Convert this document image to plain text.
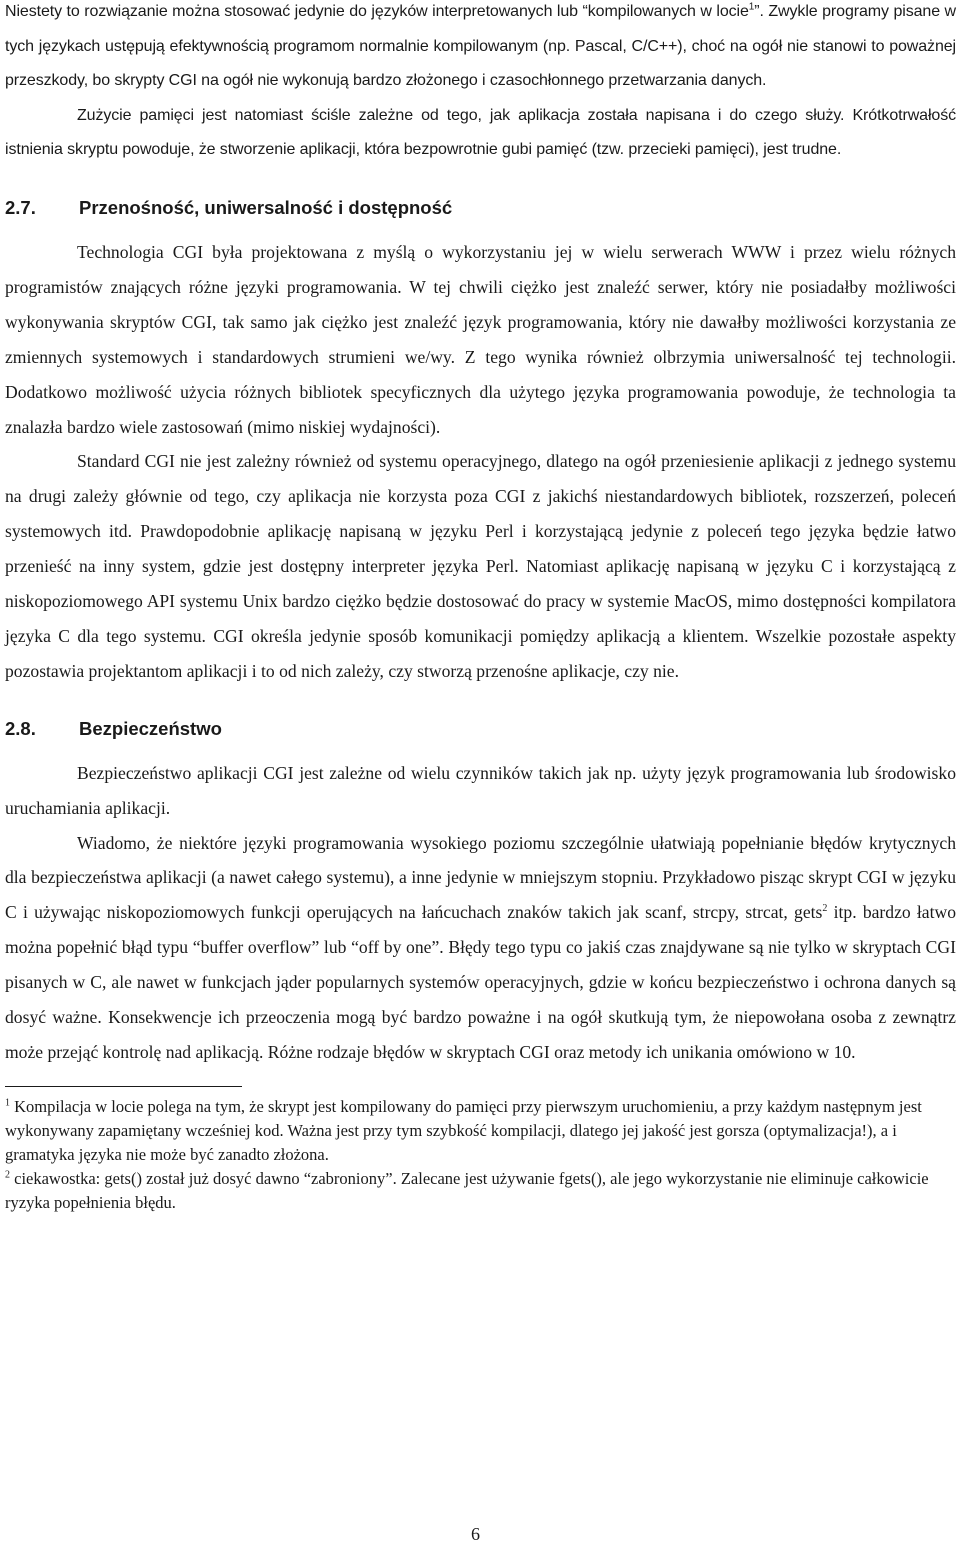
Niestety to rozwiązanie można stosować jedynie do języków interpretowanych lub “kompilowanych w locie$^1$”. Zwykle programy pisane w tych językach ustępują efektywnością programom normalnie kompilowanym (np. Pascal, C/C++), choć na ogół nie stanowi to poważnej przeszkody, bo skrypty CGI na ogół nie wykonują bardzo złożonego i czasochłonnego przetwarzania danych.

Zużycie pamięci jest natomiast ściśle zależne od tego, jak aplikacja została napisana i do czego służy. Krótkotrwałość istnienia skryptu powoduje, że stworzenie aplikacji, która bezpowrotnie gubi pamięć (tzw. przecieki pamięci), jest trudne.

2.7.	Przenośność, uniwersalność i dostępność

Technologia CGI była projektowana z myślą o wykorzystaniu jej w wielu serwerach WWW i przez wielu różnych programistów znających różne języki programowania. W tej chwili ciężko jest znaleźć serwer, który nie posiadałby możliwości wykonywania skryptów CGI, tak samo jak ciężko jest znaleźć język programowania, który nie dawałby możliwości korzystania ze zmiennych systemowych i standardowych strumieni we/wy. Z tego wynika również olbrzymia uniwersalność tej technologii. Dodatkowo możliwość użycia różnych bibliotek specyficznych dla użytego języka programowania powoduje, że technologia ta znalazła bardzo wiele zastosowań (mimo niskiej wydajności).

Standard CGI nie jest zależny również od systemu operacyjnego, dlatego na ogół przeniesienie aplikacji z jednego systemu na drugi zależy głównie od tego, czy aplikacja nie korzysta poza CGI z jakichś niestandardowych bibliotek, rozszerzeń, poleceń systemowych itd. Prawdopodobnie aplikację napisaną w języku Perl i korzystającą jedynie z poleceń tego języka będzie łatwo przenieść na inny system, gdzie jest dostępny interpreter języka Perl. Natomiast aplikację napisaną w języku C i korzystającą z niskopoziomowego API systemu Unix bardzo ciężko będzie dostosować do pracy w systemie MacOS, mimo dostępności kompilatora języka C dla tego systemu. CGI określa jedynie sposób komunikacji pomiędzy aplikacją a klientem. Wszelkie pozostałe aspekty pozostawia projektantom aplikacji i to od nich zależy, czy stworzą przenośne aplikacje, czy nie.

2.8.	Bezpieczeństwo

Bezpieczeństwo aplikacji CGI jest zależne od wielu czynników takich jak np. użyty język programowania lub środowisko uruchamiania aplikacji.

Wiadomo, że niektóre języki programowania wysokiego poziomu szczególnie ułatwiają popełnianie błędów krytycznych dla bezpieczeństwa aplikacji (a nawet całego systemu), a inne jedynie w mniejszym stopniu. Przykładowo pisząc skrypt CGI w języku C i używając niskopoziomowych funkcji operujących na łańcuchach znaków takich jak scanf, strcpy, strcat, gets$^2$ itp. bardzo łatwo można popełnić błąd typu “buffer overflow” lub “off by one”. Błędy tego typu co jakiś czas znajdywane są nie tylko w skryptach CGI pisanych w C, ale nawet w funkcjach jąder popularnych systemów operacyjnych, gdzie w końcu bezpieczeństwo i ochrona danych są dosyć ważne. Konsekwencje ich przeoczenia mogą być bardzo poważne i na ogół skutkują tym, że niepowołana osoba z zewnątrz może przejąć kontrolę nad aplikacją. Różne rodzaje błędów w skryptach CGI oraz metody ich unikania omówiono w 10.

$^1$ Kompilacja w locie polega na tym, że skrypt jest kompilowany do pamięci przy pierwszym uruchomieniu, a przy każdym następnym jest wykonywany zapamiętany wcześniej kod. Ważna jest przy tym szybkość kompilacji, dlatego jej jakość jest gorsza (optymalizacja!), a i gramatyka języka nie może być zanadto złożona.

$^2$ ciekawostka: gets() został już dosyć dawno “zabroniony”. Zalecane jest używanie fgets(), ale jego wykorzystanie nie eliminuje całkowicie ryzyka popełnienia błędu.

6
